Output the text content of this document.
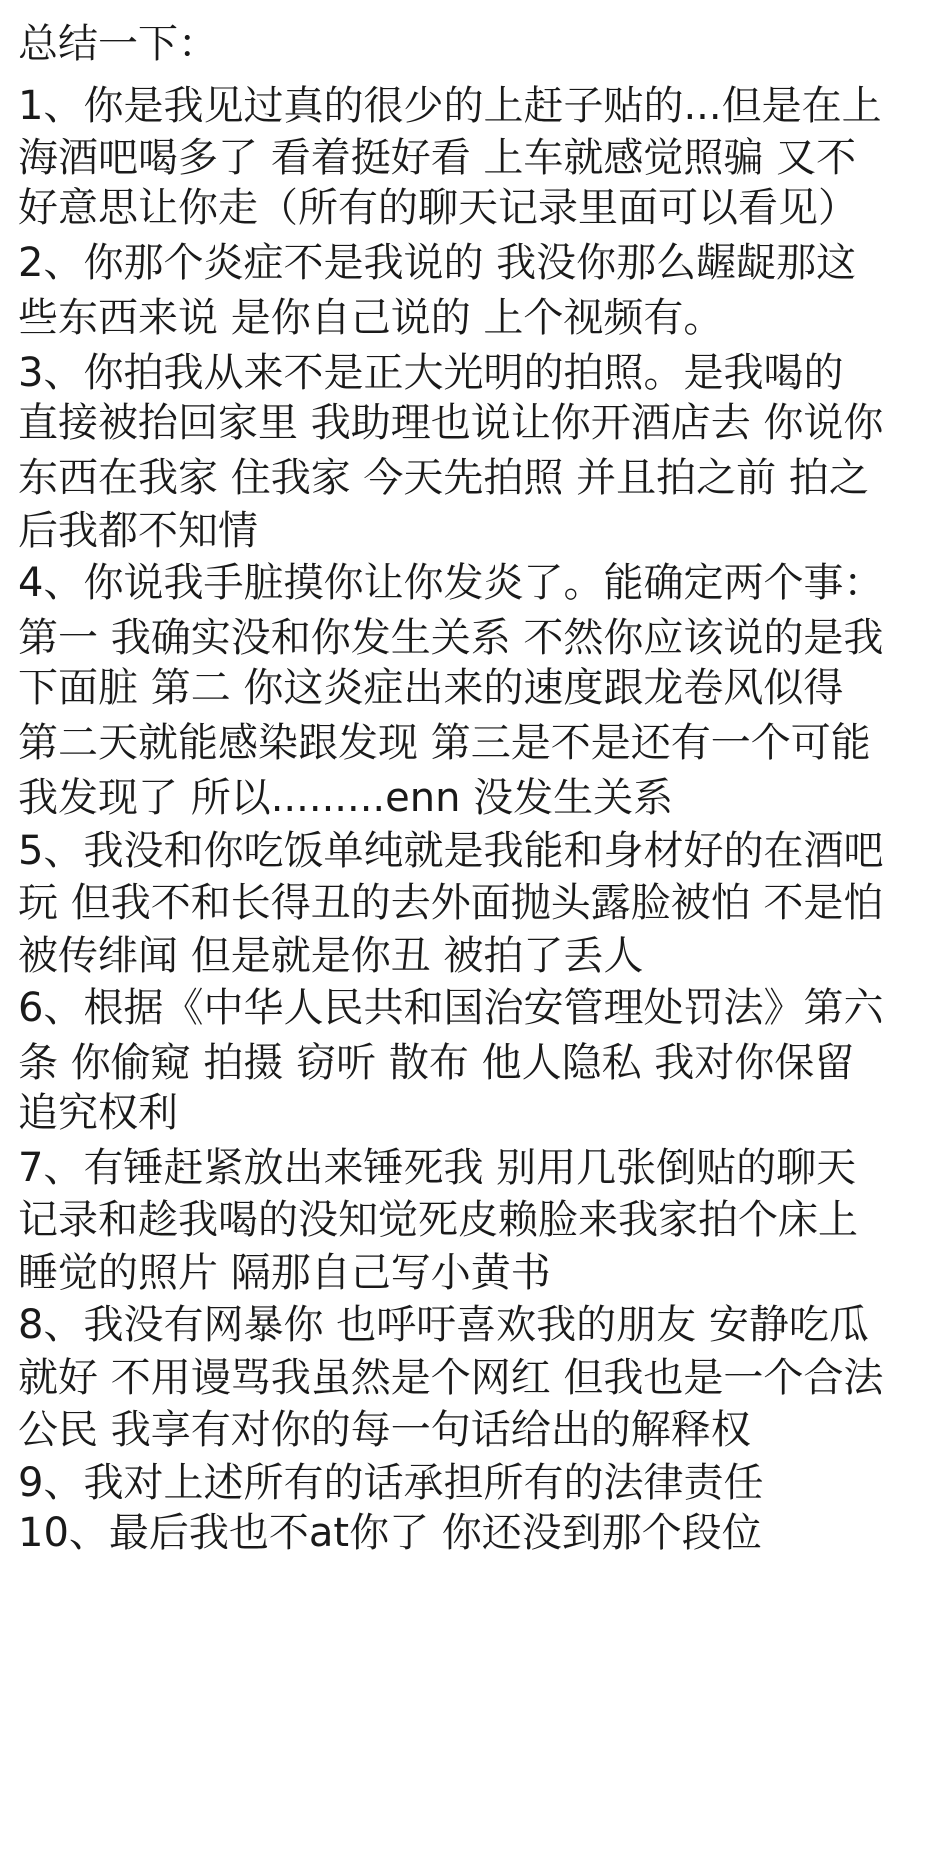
总结一下：
1、你是我见过真的很少的上赶子贴的...但是在上
海酒吧喝多了 看着挺好看 上车就感觉照骗 又不
好意思让你走（所有的聊天记录里面可以看见）
2、你那个炎症不是我说的 我没你那么龌龊那这
些东西来说 是你自己说的 上个视频有。
3、你拍我从来不是正大光明的拍照。是我喝的
直接被抬回家里 我助理也说让你开酒店去 你说你
东西在我家 住我家 今天先拍照 并且拍之前 拍之
后我都不知情
4、你说我手脏摸你让你发炎了。能确定两个事：
第一 我确实没和你发生关系 不然你应该说的是我
下面脏 第二 你这炎症出来的速度跟龙卷风似得
第二天就能感染跟发现 第三是不是还有一个可能
我发现了 所以.........enn 没发生关系
5、我没和你吃饭单纯就是我能和身材好的在酒吧
玩 但我不和长得丑的去外面抛头露脸被怕 不是怕
被传绯闻 但是就是你丑 被拍了丢人
6、根据《中华人民共和国治安管理处罚法》第六
条 你偷窥 拍摄 窃听 散布 他人隐私 我对你保留
追究权利
7、有锤赶紧放出来锤死我 别用几张倒贴的聊天
记录和趁我喝的没知觉死皮赖脸来我家拍个床上
睡觉的照片 隔那自己写小黄书
8、我没有网暴你 也呼吁喜欢我的朋友 安静吃瓜
就好 不用谩骂我虽然是个网红 但我也是一个合法
公民 我享有对你的每一句话给出的解释权
9、我对上述所有的话承担所有的法律责任
10、最后我也不at你了 你还没到那个段位
